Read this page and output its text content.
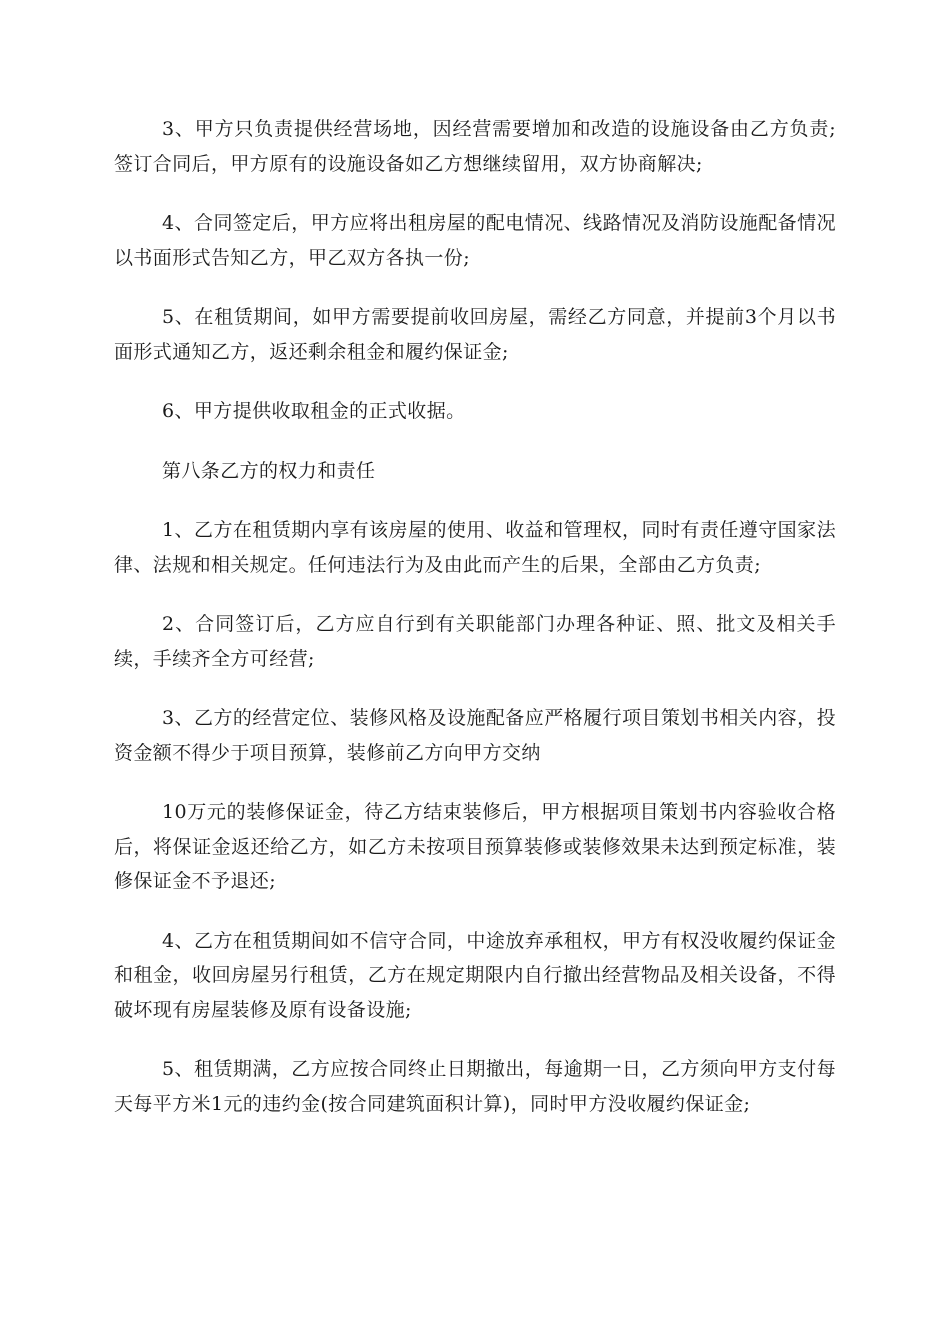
3、甲方只负责提供经营场地，因经营需要增加和改造的设施设备由乙方负责;签订合同后，甲方原有的设施设备如乙方想继续留用，双方协商解决;

4、合同签定后，甲方应将出租房屋的配电情况、线路情况及消防设施配备情况以书面形式告知乙方，甲乙双方各执一份;

5、在租赁期间，如甲方需要提前收回房屋，需经乙方同意，并提前3个月以书面形式通知乙方，返还剩余租金和履约保证金;

6、甲方提供收取租金的正式收据。

第八条乙方的权力和责任

1、乙方在租赁期内享有该房屋的使用、收益和管理权，同时有责任遵守国家法律、法规和相关规定。任何违法行为及由此而产生的后果，全部由乙方负责;

2、合同签订后，乙方应自行到有关职能部门办理各种证、照、批文及相关手续，手续齐全方可经营;

3、乙方的经营定位、装修风格及设施配备应严格履行项目策划书相关内容，投资金额不得少于项目预算，装修前乙方向甲方交纳

10万元的装修保证金，待乙方结束装修后，甲方根据项目策划书内容验收合格后，将保证金返还给乙方，如乙方未按项目预算装修或装修效果未达到预定标准，装修保证金不予退还;

4、乙方在租赁期间如不信守合同，中途放弃承租权，甲方有权没收履约保证金和租金，收回房屋另行租赁，乙方在规定期限内自行撤出经营物品及相关设备，不得破坏现有房屋装修及原有设备设施;

5、租赁期满，乙方应按合同终止日期撤出，每逾期一日，乙方须向甲方支付每天每平方米1元的违约金(按合同建筑面积计算)，同时甲方没收履约保证金;
